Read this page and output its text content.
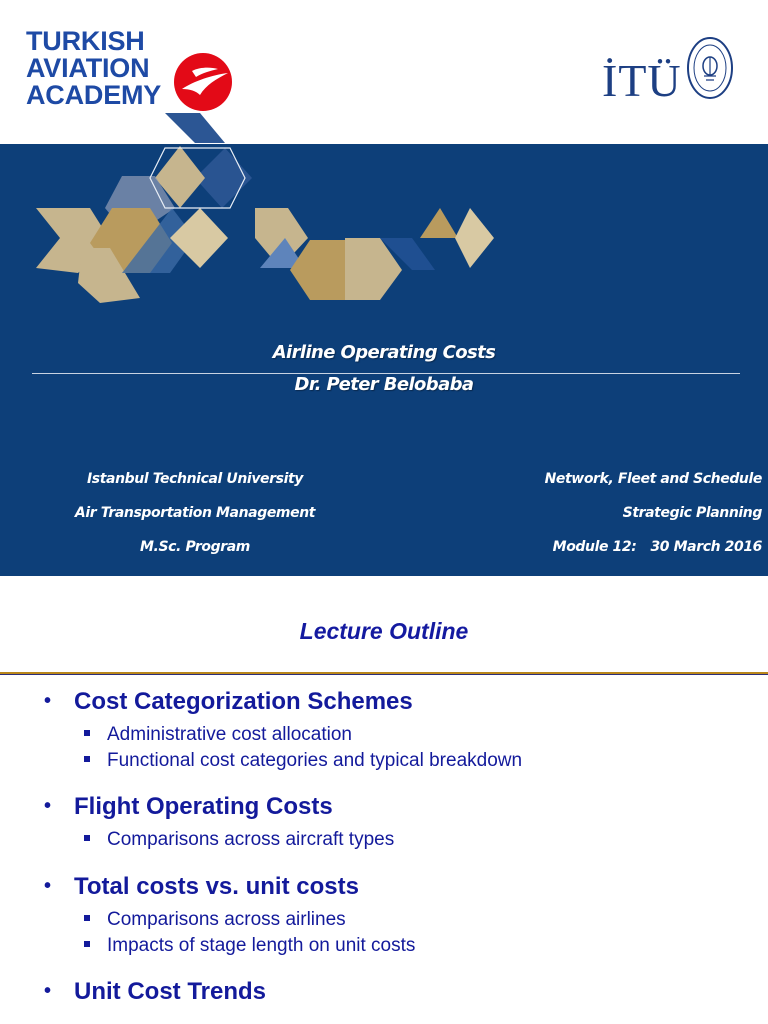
TURKISH
AVIATION
ACADEMY	İTÜ
Airline Operating Costs
Dr. Peter Belobaba
Istanbul Technical University
Air Transportation Management
M.Sc. Program
Network, Fleet and Schedule
Strategic Planning
Module 12: 30 March 2016
Lecture Outline
• Cost Categorization Schemes
Administrative cost allocation
Functional cost categories and typical breakdown
• Flight Operating Costs
Comparisons across aircraft types
• Total costs vs. unit costs
Comparisons across airlines
Impacts of stage length on unit costs
• Unit Cost Trends
